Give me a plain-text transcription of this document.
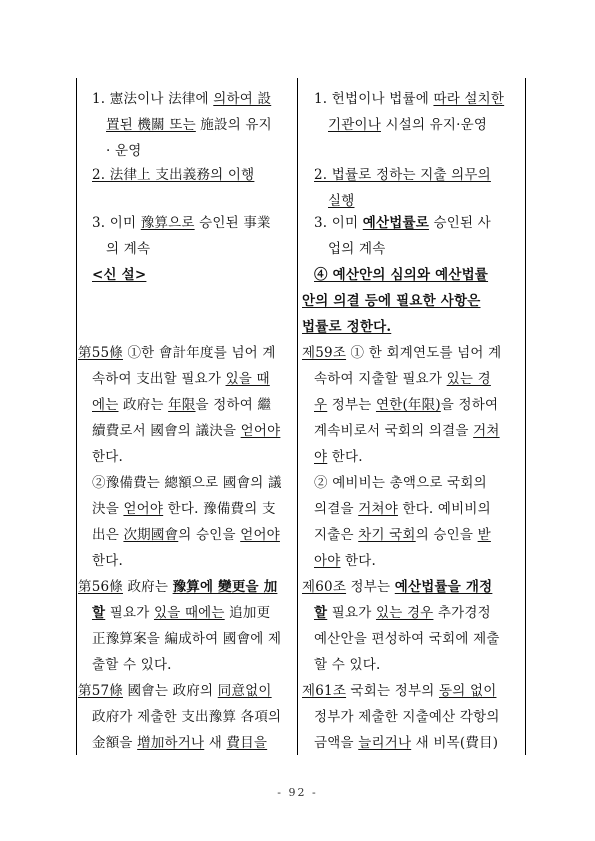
1. 憲法이나 法律에 의하여 設
置된 機關 또는 施設의 유지
· 운영
2. 法律上 支出義務의 이행
3. 이미 豫算으로 승인된 事業
의 계속
<신 설>
第55條 ①한 會計年度를 넘어 계
속하여 支出할 필요가 있을 때
에는 政府는 年限을 정하여 繼
續費로서 國會의 議決을 얻어야
한다.
②豫備費는 總額으로 國會의 議
決을 얻어야 한다. 豫備費의 支
出은 次期國會의 승인을 얻어야
한다.
第56條 政府는 豫算에 變更을 加
할 필요가 있을 때에는 追加更
正豫算案을 編成하여 國會에 제
출할 수 있다.
第57條 國會는 政府의 同意없이
政府가 제출한 支出豫算 各項의
金額을 增加하거나 새 費目을
1. 헌법이나 법률에 따라 설치한
기관이나 시설의 유지·운영
2. 법률로 정하는 지출 의무의
실행
3. 이미 예산법률로 승인된 사
업의 계속
④ 예산안의 심의와 예산법률
안의 의결 등에 필요한 사항은
법률로 정한다.
제59조 ① 한 회계연도를 넘어 계
속하여 지출할 필요가 있는 경
우 정부는 연한(年限)을 정하여
계속비로서 국회의 의결을 거쳐
야 한다.
② 예비비는 총액으로 국회의
의결을 거쳐야 한다. 예비비의
지출은 차기 국회의 승인을 받
아야 한다.
제60조 정부는 예산법률을 개정
할 필요가 있는 경우 추가경정
예산안을 편성하여 국회에 제출
할 수 있다.
제61조 국회는 정부의 동의 없이
정부가 제출한 지출예산 각항의
금액을 늘리거나 새 비목(費目)
- 92 -
